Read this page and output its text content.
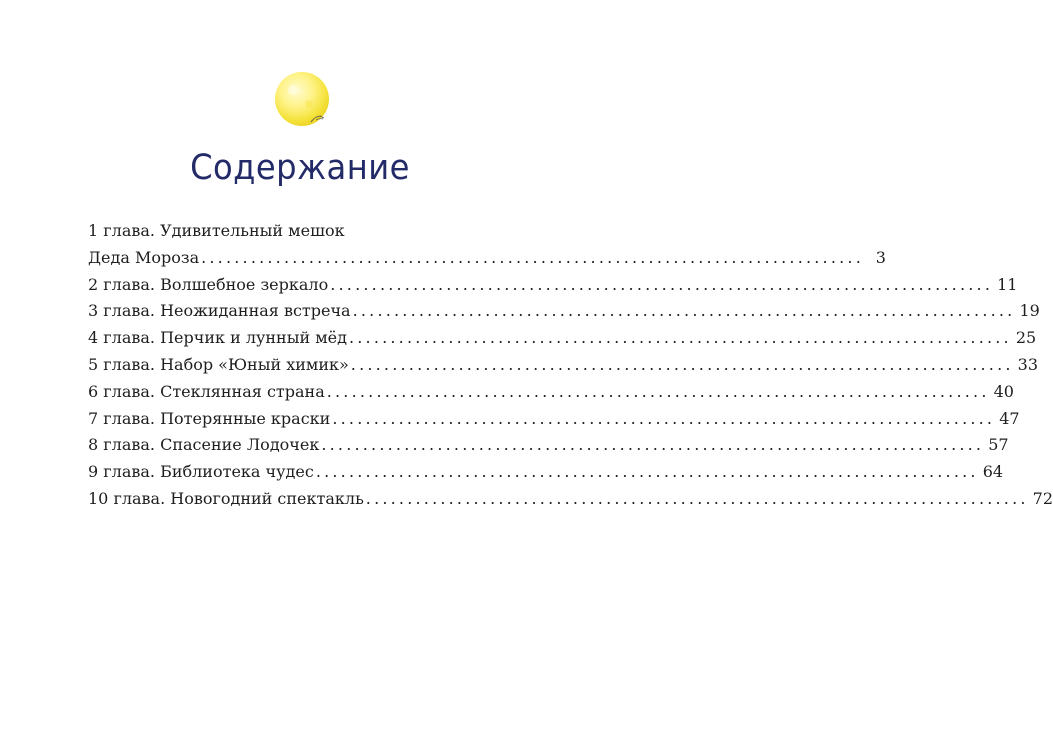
Содержание
1 глава. Удивительный мешок
Деда Мороза ................................................................................ 3
2 глава. Волшебное зеркало ................................................................................ 11
3 глава. Неожиданная встреча ................................................................................ 19
4 глава. Перчик и лунный мёд ................................................................................ 25
5 глава. Набор «Юный химик» ................................................................................ 33
6 глава. Стеклянная страна ................................................................................ 40
7 глава. Потерянные краски ................................................................................ 47
8 глава. Спасение Лодочек ................................................................................ 57
9 глава. Библиотека чудес ................................................................................ 64
10 глава. Новогодний спектакль ................................................................................ 72
